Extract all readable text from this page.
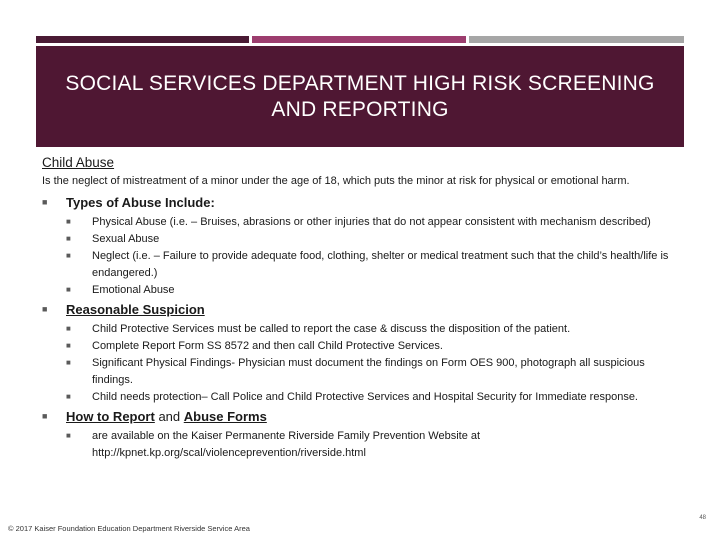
SOCIAL SERVICES DEPARTMENT HIGH RISK SCREENING AND REPORTING
Child Abuse
Is the neglect of mistreatment of a minor under the age of 18, which puts the minor at risk for physical or emotional harm.
■	Types of Abuse Include:
■	Physical Abuse (i.e. – Bruises, abrasions or other injuries that do not appear consistent with mechanism described)
■	Sexual Abuse
■	Neglect (i.e. – Failure to provide adequate food, clothing, shelter or medical treatment such that the child’s health/life is endangered.)
■	Emotional Abuse
■	Reasonable Suspicion
■	Child Protective Services must be called to report the case & discuss the disposition of the patient.
■	Complete Report Form SS 8572 and then call Child Protective Services.
■	Significant Physical Findings- Physician must document the findings on Form OES 900, photograph all suspicious findings.
■	Child needs protection– Call Police and Child Protective Services and Hospital Security for Immediate response.
■	How to Report and Abuse Forms
■	are available on the Kaiser Permanente Riverside Family Prevention Website at http://kpnet.kp.org/scal/violenceprevention/riverside.html
© 2017 Kaiser Foundation Education Department Riverside Service Area
48
